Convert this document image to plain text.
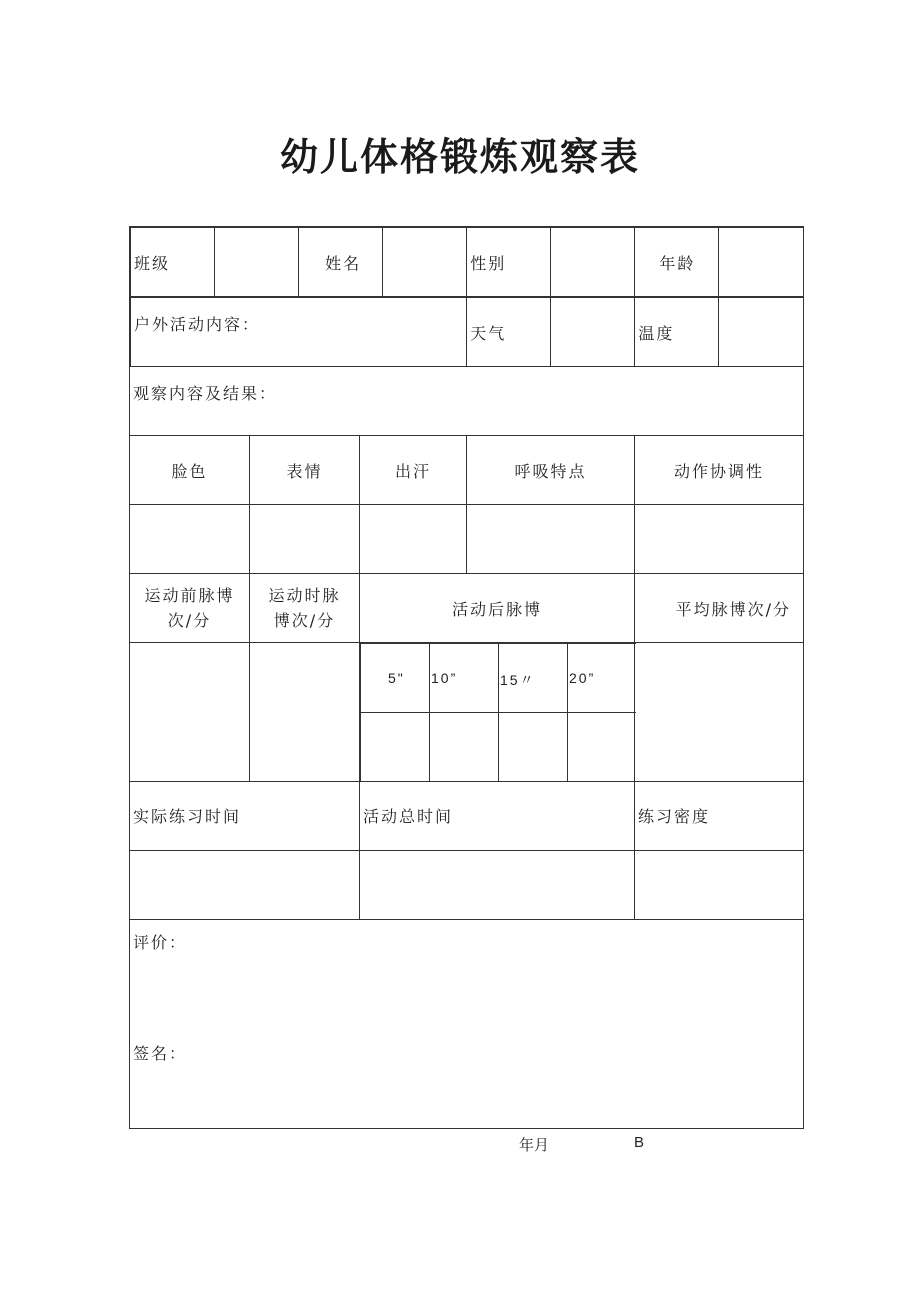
幼儿体格锻炼观察表
班级		姓名		性别		年龄	

户外活动内容：	天气		温度	

观察内容及结果：
脸色	表情	出汗	呼吸特点	动作协调性

运动前脉博次/分	运动时脉博次/分	活动后脉博	平均脉博次/分

5"	10”	15〃	20”

实际练习时间	活动总时间	练习密度

评价：
签名：
年月	B
